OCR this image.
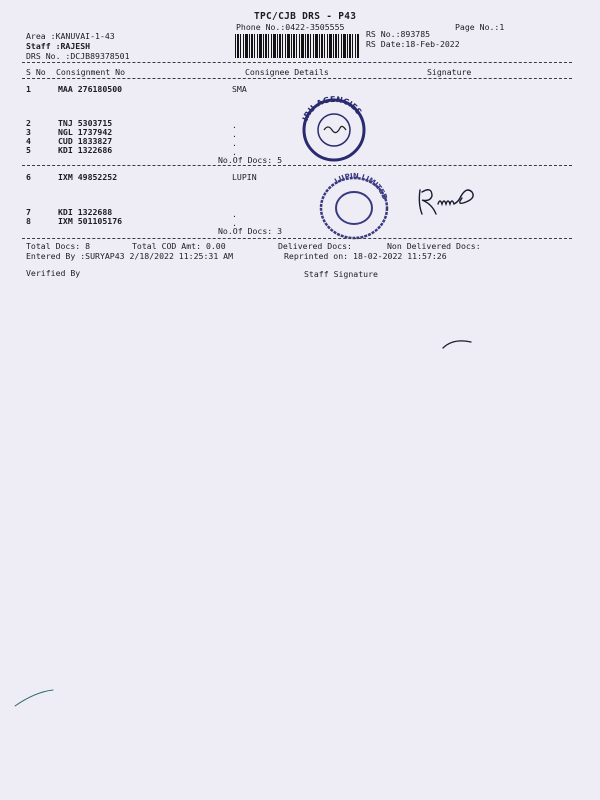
TPC/CJB DRS - P43
Phone No.:0422-3505555	Page No.:1
Area :KANUVAI-1-43
Staff :RAJESH
DRS No. :DCJB89378501
RS No.:893785
RS Date:18-Feb-2022
S No Consignment No	Consignee Details	Signature
1	MAA 276180500	SMA
2	TNJ 5303715	.
3	NGL 1737942	.
4	CUD 1833827	.
5	KDI 1322686	.
No.Of Docs: 5
IRU AGENCIES
6	IXM 49852252	LUPIN
7	KDI 1322688	.
8	IXM 501105176	.
No.Of Docs: 3
LUPIN LIMITED
Total Docs: 8	Total COD Amt: 0.00	Delivered Docs:	Non Delivered Docs:
Entered By :SURYAP43 2/18/2022 11:25:31 AM	Reprinted on: 18-02-2022 11:57:26
Verified By	Staff Signature
